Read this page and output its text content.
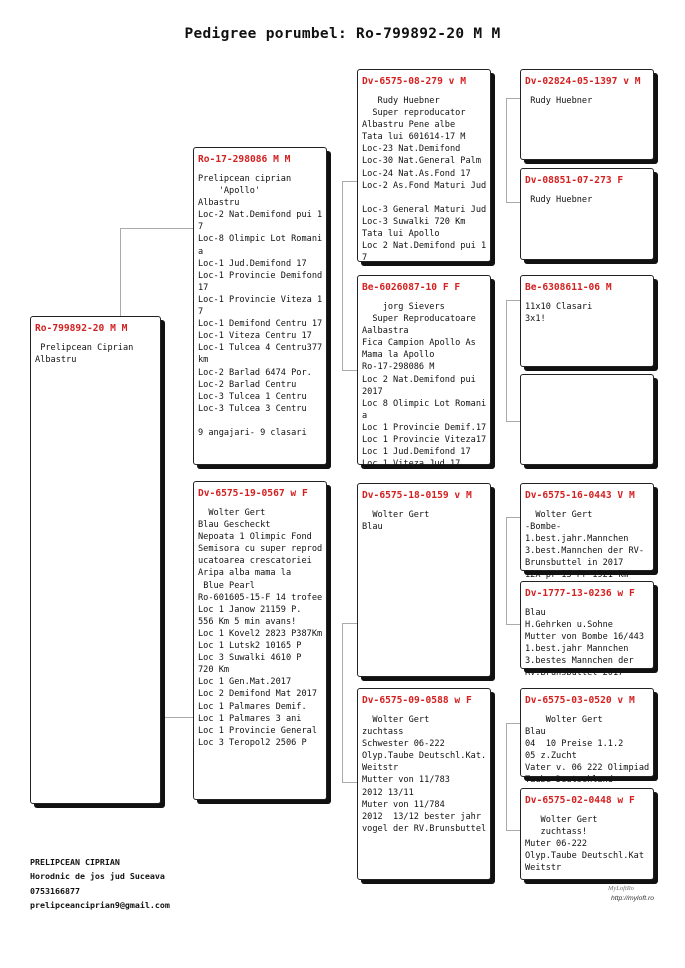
Pedigree porumbel: Ro-799892-20 M M
Ro-799892-20 M M
Prelipcean Ciprian
Albastru
Ro-17-298086 M M
Prelipcean ciprian
'Apollo'
Albastru
Loc-2 Nat.Demifond pui 1
7
Loc-8 Olimpic Lot Romani
a
Loc-1 Jud.Demifond 17
Loc-1 Provincie Demifond
17
Loc-1 Provincie Viteza 1
7
Loc-1 Demifond Centru 17
Loc-1 Viteza Centru 17
Loc-1 Tulcea 4 Centru377
km
Loc-2 Barlad 6474 Por.
Loc-2 Barlad Centru
Loc-3 Tulcea 1 Centru
Loc-3 Tulcea 3 Centru

9 angajari- 9 clasari
Dv-6575-19-0567 w F
Wolter Gert
Blau Gescheckt
Nepoata 1 Olimpic Fond
Semisora cu super reprod
ucatoarea crescatoriei
Aripa alba mama la
Blue Pearl
Ro-601605-15-F 14 trofee
Loc 1 Janow 21159 P.
556 Km 5 min avans!
Loc 1 Kovel2 2823 P387Km
Loc 1 Lutsk2 10165 P
Loc 3 Suwalki 4610 P
720 Km
Loc 1 Gen.Mat.2017
Loc 2 Demifond Mat 2017
Loc 1 Palmares Demif.
Loc 1 Palmares 3 ani
Loc 1 Provincie General
Loc 3 Teropol2 2506 P
Dv-6575-08-279 v M
Rudy Huebner
Super reproducator
Albastru Pene albe
Tata lui 601614-17 M
Loc-23 Nat.Demifond
Loc-30 Nat.General Palm
Loc-24 Nat.As.Fond 17
Loc-2 As.Fond Maturi Jud

Loc-3 General Maturi Jud
Loc-3 Suwalki 720 Km
Tata lui Apollo
Loc 2 Nat.Demifond pui 1
7
Be-6026087-10 F F
jorg Sievers
Super Reproducatoare
Aalbastra
Fica Campion Apollo As
Mama la Apollo
Ro-17-298086 M
Loc 2 Nat.Demifond pui
2017
Loc 8 Olimpic Lot Romani
a
Loc 1 Provincie Demif.17
Loc 1 Provincie Viteza17
Loc 1 Jud.Demifond 17
Loc 1 Viteza Jud 17
Dv-6575-18-0159 v M
Wolter Gert
Blau
Dv-6575-09-0588 w F
Wolter Gert
zuchtass
Schwester 06-222
Olyp.Taube Deutschl.Kat.
Weitstr
Mutter von 11/783
2012 13/11
Muter von 11/784
2012  13/12 bester jahr
vogel der RV.Brunsbuttel
Dv-02824-05-1397 v M
Rudy Huebner
Dv-08851-07-273 F
Rudy Huebner
Be-6308611-06 M
11x10 Clasari
3x1!
Dv-6575-16-0443 V M
Wolter Gert
-Bombe-
1.best.jahr.Mannchen
3.best.Mannchen der RV-
Brunsbuttel in 2017
12X pr 13 Pr 1921 km
Dv-1777-13-0236 w F
Blau
H.Gehrken u.Sohne
Mutter von Bombe 16/443
1.best.jahr Mannchen
3.bestes Mannchen der
RV.Brunsbuttel 2017
Dv-6575-03-0520 v M
Wolter Gert
Blau
04  10 Preise 1.1.2
05 z.Zucht
Vater v. 06 222 Olimpiad
Taube Deutschland
Dv-6575-02-0448 w F
Wolter Gert
zuchtass!
Muter 06-222
Olyp.Taube Deutschl.Kat
Weitstr
PRELIPCEAN CIPRIAN
Horodnic de jos jud Suceava
0753166877
prelipceanciprian9@gmail.com
MyLoftRo
http://myloft.ro
